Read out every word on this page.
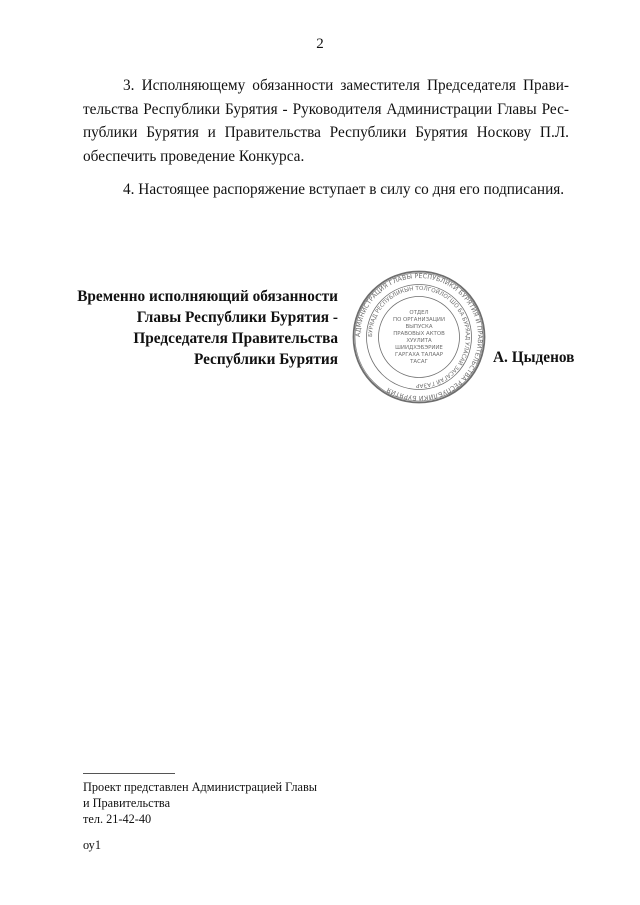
2

3. Исполняющему обязанности заместителя Председателя Правительства Республики Бурятия - Руководителя Администрации Главы Республики Бурятия и Правительства Республики Бурятия Носкову П.Л. обеспечить проведение Конкурса.

4. Настоящее распоряжение вступает в силу со дня его подписания.

Временно исполняющий обязанности
Главы Республики Бурятия -
Председателя Правительства
Республики Бурятия
АДМИНИСТРАЦИЯ ГЛАВЫ РЕСПУБЛИКИ БУРЯТИЯ И ПРАВИТЕЛЬСТВА РЕСПУБЛИКИ БУРЯТИЯ
БУРЯАД РЕСПУБЛИКЫН ТОЛГОЙЛОГШО БА БУРЯАД УЛАСАЙ ЗАСАГАЙ ГАЗАР
ОТДЕЛ
ПО ОРГАНИЗАЦИИ
ВЫПУСКА
ПРАВОВЫХ АКТОВ
ХУУЛИТА
ШИИДХЭБЭРИИЕ
ГАРГАХА ТАЛААР
ТАСАГ	А. Цыденов
Проект представлен Администрацией Главы
и Правительства
тел. 21-42-40
оу1
